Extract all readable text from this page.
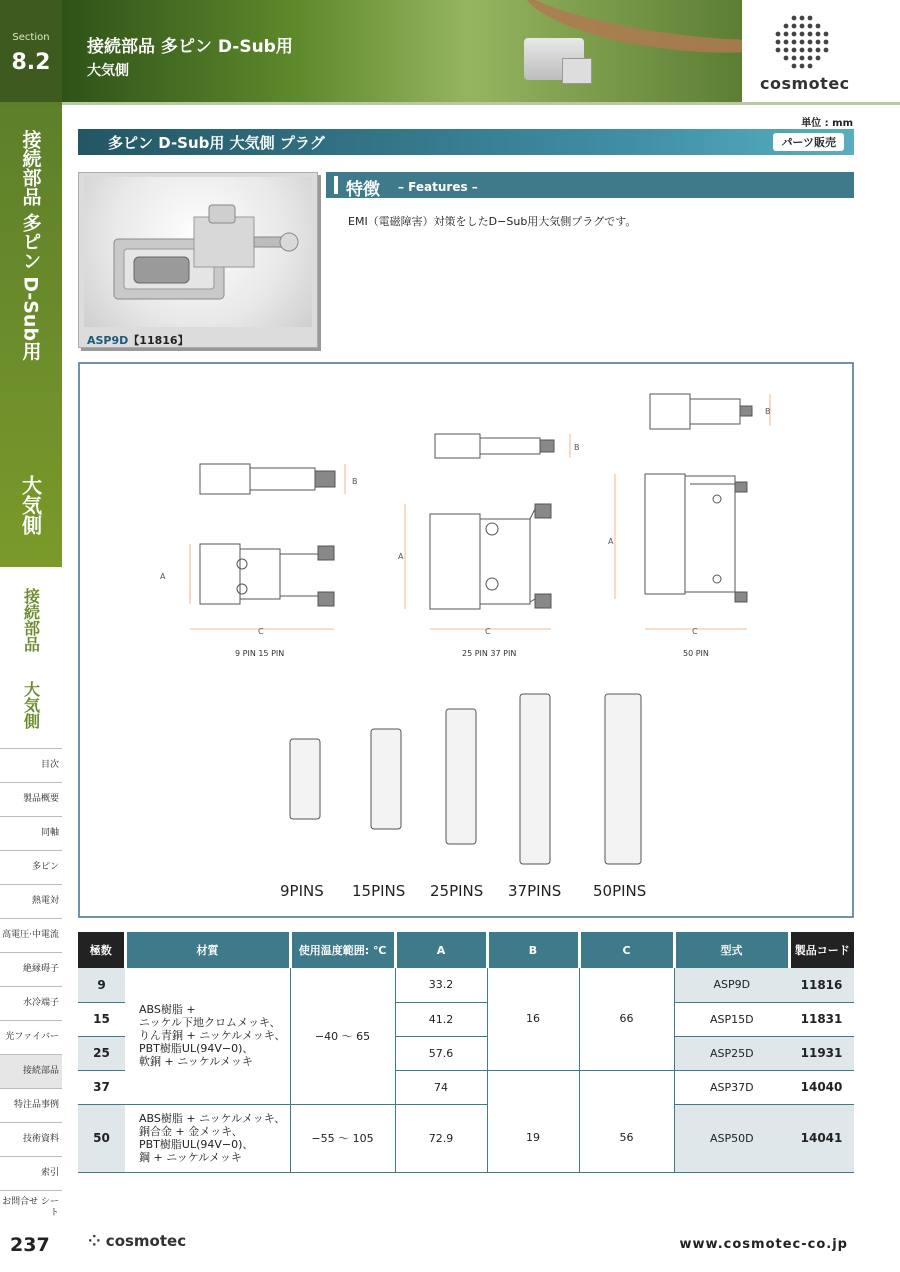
Section
8.2
接続部品 多ピン D-Sub用
大気側
接続部品
大気側
目次
製品概要
同軸
多ピン
熱電対
高電圧·中電流
絶縁碍子
水冷端子
光ファイバー
接続部品
特注品事例
技術資料
索引
お問合せ シート
接続部品 多ピン D-Sub用
大気側
cosmotec
単位 : mm
多ピン D-Sub用 大気側 プラグ	パーツ販売
ASP9D【11816】
特徴 – Features –
EMI（電磁障害）対策をしたD−Sub用大気側プラグです。
A
C
B
A
C
B
A
C
B
9 PIN 15 PIN	25 PIN 37 PIN	50 PIN
9PINS 15PINS 25PINS 37PINS 50PINS
極数	材質	使用温度範囲: ℃	A	B	C	型式	製品コード
9	ABS樹脂 +
ニッケル下地クロムメッキ、
りん青銅 + ニッケルメッキ、
PBT樹脂UL(94V−0)、
軟銅 + ニッケルメッキ	−40 〜 65	33.2	16	66	ASP9D	11816
15			41.2			ASP15D	11831
25			57.6			ASP25D	11931
37			74			ASP37D	14040
50	ABS樹脂 + ニッケルメッキ、
銅合金 + 金メッキ、
PBT樹脂UL(94V−0)、
鋼 + ニッケルメッキ	−55 〜 105	72.9	19	56	ASP50D	14041
237	⁘ cosmotec	www.cosmotec-co.jp
